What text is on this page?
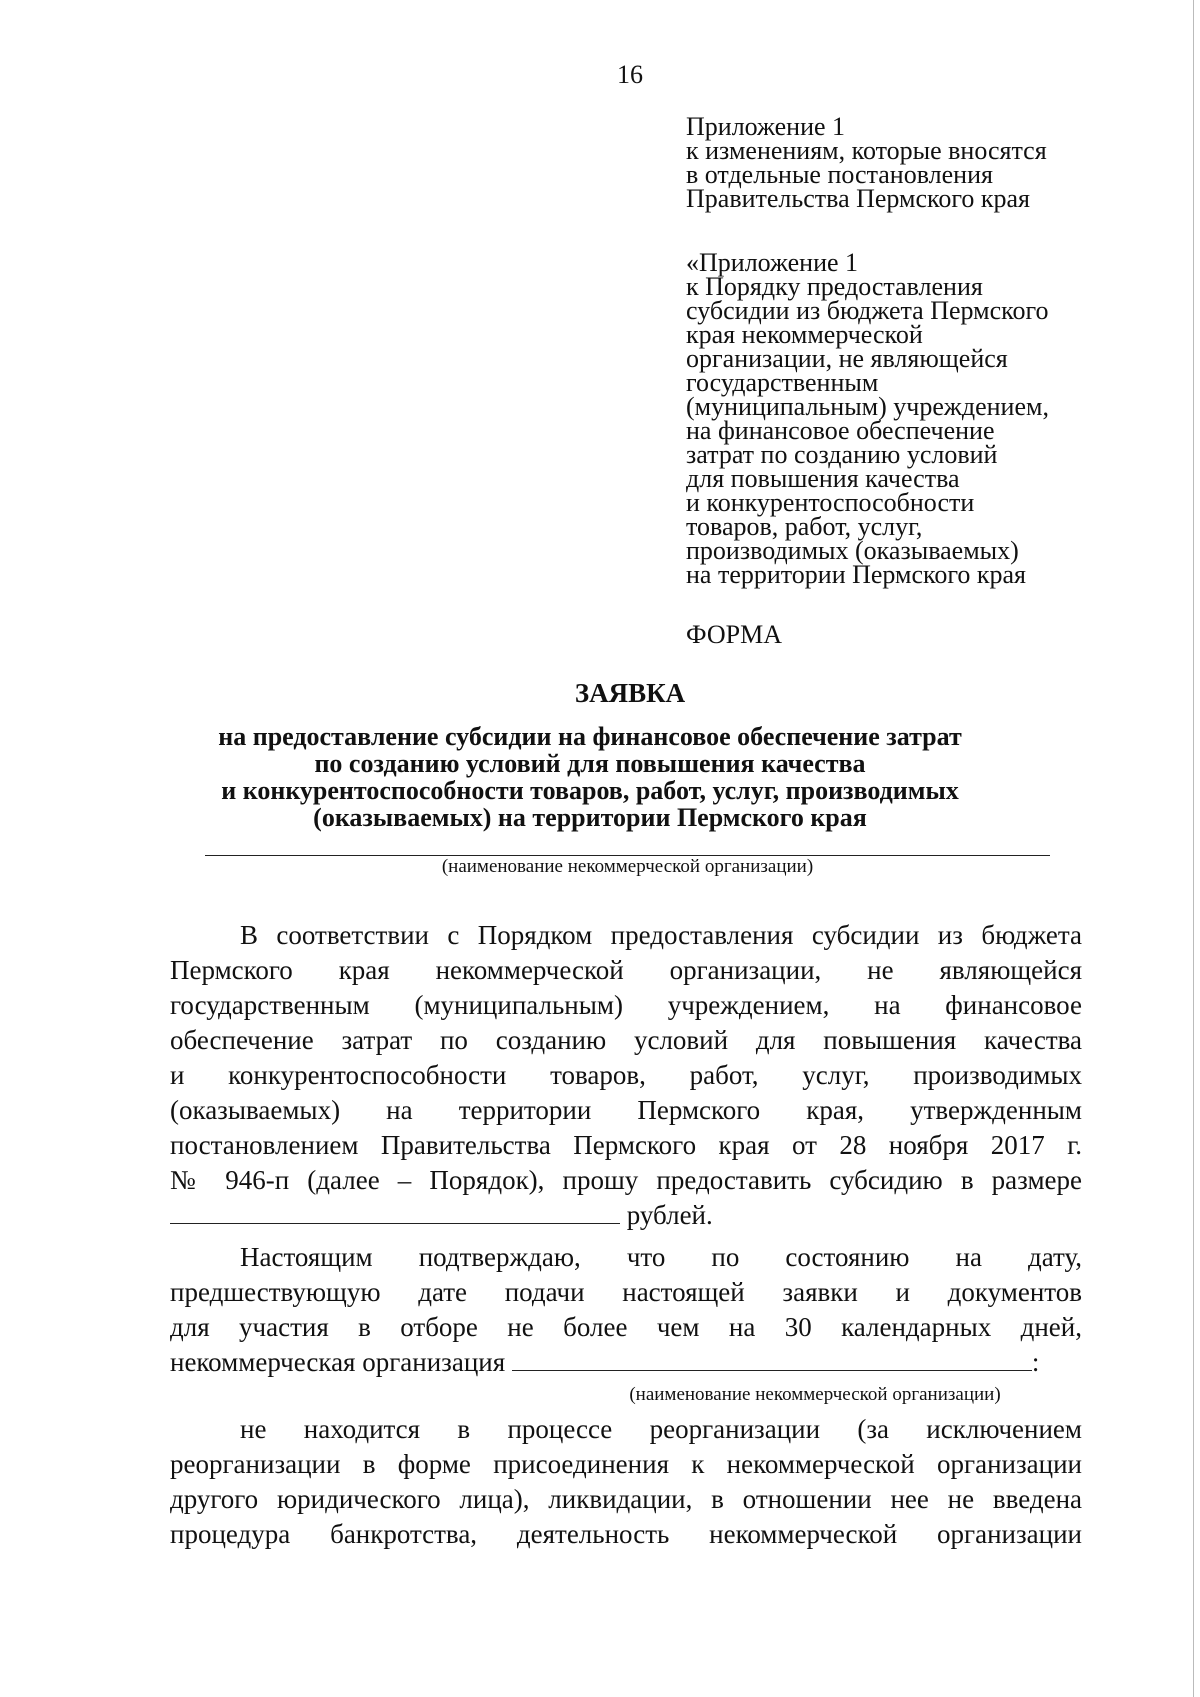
16
Приложение 1
к изменениям, которые вносятся
в отдельные постановления
Правительства Пермского края
«Приложение 1
к Порядку предоставления
субсидии из бюджета Пермского
края некоммерческой
организации, не являющейся
государственным
(муниципальным) учреждением,
на финансовое обеспечение
затрат по созданию условий
для повышения качества
и конкурентоспособности
товаров, работ, услуг,
производимых (оказываемых)
на территории Пермского края
ФОРМА
ЗАЯВКА
на предоставление субсидии на финансовое обеспечение затрат
по созданию условий для повышения качества
и конкурентоспособности товаров, работ, услуг, производимых
(оказываемых) на территории Пермского края
(наименование некоммерческой организации)
В соответствии с Порядком предоставления субсидии из бюджета
Пермского края некоммерческой организации, не являющейся
государственным (муниципальным) учреждением, на финансовое
обеспечение затрат по созданию условий для повышения качества
и конкурентоспособности товаров, работ, услуг, производимых
(оказываемых) на территории Пермского края, утвержденным
постановлением Правительства Пермского края от 28 ноября 2017 г.
№ 946-п (далее – Порядок), прошу предоставить субсидию в размере
рублей.
Настоящим подтверждаю, что по состоянию на дату,
предшествующую дате подачи настоящей заявки и документов
для участия в отборе не более чем на 30 календарных дней,
некоммерческая организация	:
(наименование некоммерческой организации)
не находится в процессе реорганизации (за исключением
реорганизации в форме присоединения к некоммерческой организации
другого юридического лица), ликвидации, в отношении нее не введена
процедура банкротства, деятельность некоммерческой организации
